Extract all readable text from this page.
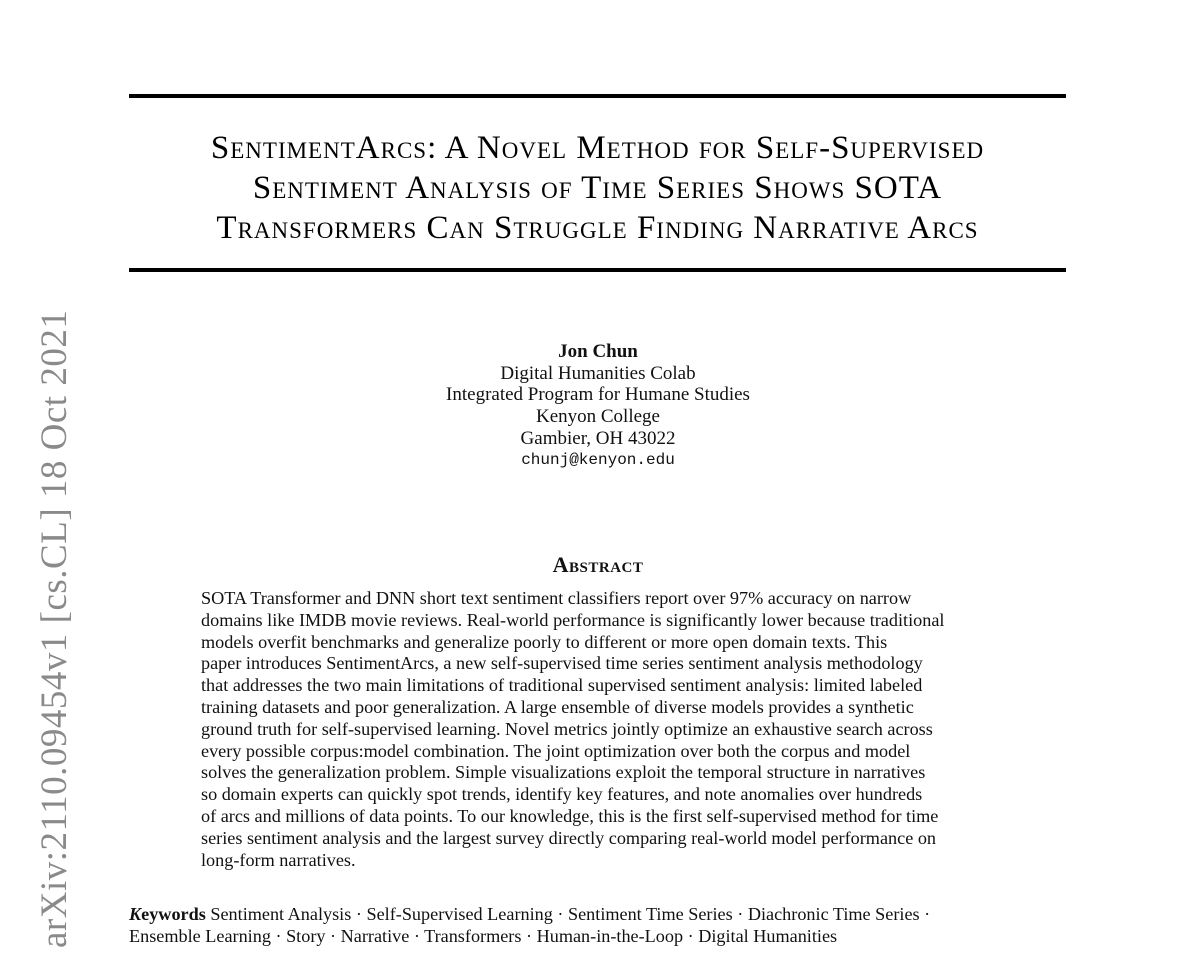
arXiv:2110.09454v1 [cs.CL] 18 Oct 2021
SentimentArcs: A Novel Method for Self-Supervised
Sentiment Analysis of Time Series Shows SOTA
Transformers Can Struggle Finding Narrative Arcs
Jon Chun
Digital Humanities Colab
Integrated Program for Humane Studies
Kenyon College
Gambier, OH 43022
chunj@kenyon.edu
Abstract
SOTA Transformer and DNN short text sentiment classifiers report over 97% accuracy on narrow
domains like IMDB movie reviews. Real-world performance is significantly lower because traditional
models overfit benchmarks and generalize poorly to different or more open domain texts. This
paper introduces SentimentArcs, a new self-supervised time series sentiment analysis methodology
that addresses the two main limitations of traditional supervised sentiment analysis: limited labeled
training datasets and poor generalization. A large ensemble of diverse models provides a synthetic
ground truth for self-supervised learning. Novel metrics jointly optimize an exhaustive search across
every possible corpus:model combination. The joint optimization over both the corpus and model
solves the generalization problem. Simple visualizations exploit the temporal structure in narratives
so domain experts can quickly spot trends, identify key features, and note anomalies over hundreds
of arcs and millions of data points. To our knowledge, this is the first self-supervised method for time
series sentiment analysis and the largest survey directly comparing real-world model performance on
long-form narratives.
Keywords Sentiment Analysis · Self-Supervised Learning · Sentiment Time Series · Diachronic Time Series ·
Ensemble Learning · Story · Narrative · Transformers · Human-in-the-Loop · Digital Humanities
